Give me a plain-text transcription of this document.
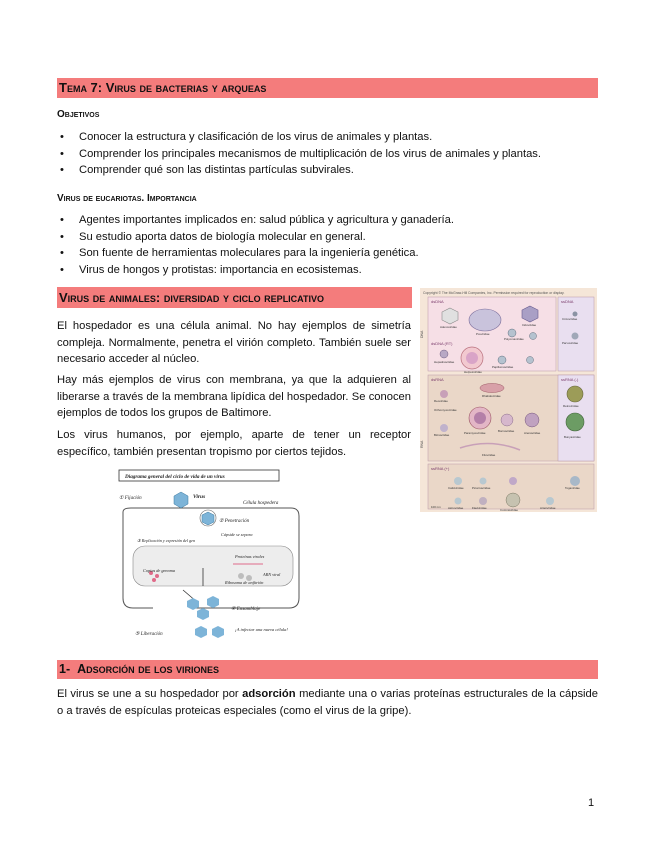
Tema 7: Virus de bacterias y arqueas
Objetivos
• Conocer la estructura y clasificación de los virus de animales y plantas.
• Comprender los principales mecanismos de multiplicación de los virus de animales y plantas.
• Comprender qué son las distintas partículas subvirales.
Virus de eucariotas. Importancia
• Agentes importantes implicados en: salud pública y agricultura y ganadería.
• Su estudio aporta datos de biología molecular en general.
• Son fuente de herramientas moleculares para la ingeniería genética.
• Virus de hongos y protistas: importancia en ecosistemas.
Virus de animales: diversidad y ciclo replicativo

El hospedador es una célula animal. No hay ejemplos de simetría compleja. Normalmente, penetra el virión completo. También suele ser necesario acceder al núcleo.

Hay más ejemplos de virus con membrana, ya que la adquieren al liberarse a través de la membrana lipídica del hospedador. Se conocen ejemplos de todos los grupos de Baltimore.

Los virus humanos, por ejemplo, aparte de tener un receptor específico, también presentan tropismo por ciertos tejidos.

Copyright © The McGraw-Hill Companies, Inc. Permission required for reproduction or display.
dsDNA	ssDNA
dsDNA (RT)
dsRNA	ssRNA (-)
ssRNA (+)
DNA
RNA
Adenoviridae
Poxviridae
Iridoviridae
Polyomaviridae
Herpesviridae
Papillomaviridae
Hepadnaviridae
Circoviridae
Parvoviridae
Reoviridae
Birnaviridae
Orthomyxoviridae
Rhabdoviridae
Paramyxoviridae	Bornaviridae	Arenaviridae
Bunyaviridae
Filoviridae
Retroviridae
Caliciviridae	Picornaviridae
Flaviviridae
Togaviridae
Astroviridae	Coronaviridae	Arteriviridae
100 nm
Diagrama general del ciclo de vida de un virus
① Fijación	Virus
Célula hospedera
② Penetración
Cápside se separa
③ Replicación y expresión del gen
Proteínas virales
Copias de genoma
ARN viral
Ribosoma de anfitrión
④ Ensamblaje
⑤ Liberación
¡A infectar una nueva célula!
1- Adsorción de los viriones

El virus se une a su hospedador por adsorción mediante una o varias proteínas estructurales de la cápside o a través de espículas proteicas especiales (como el virus de la gripe).

1
